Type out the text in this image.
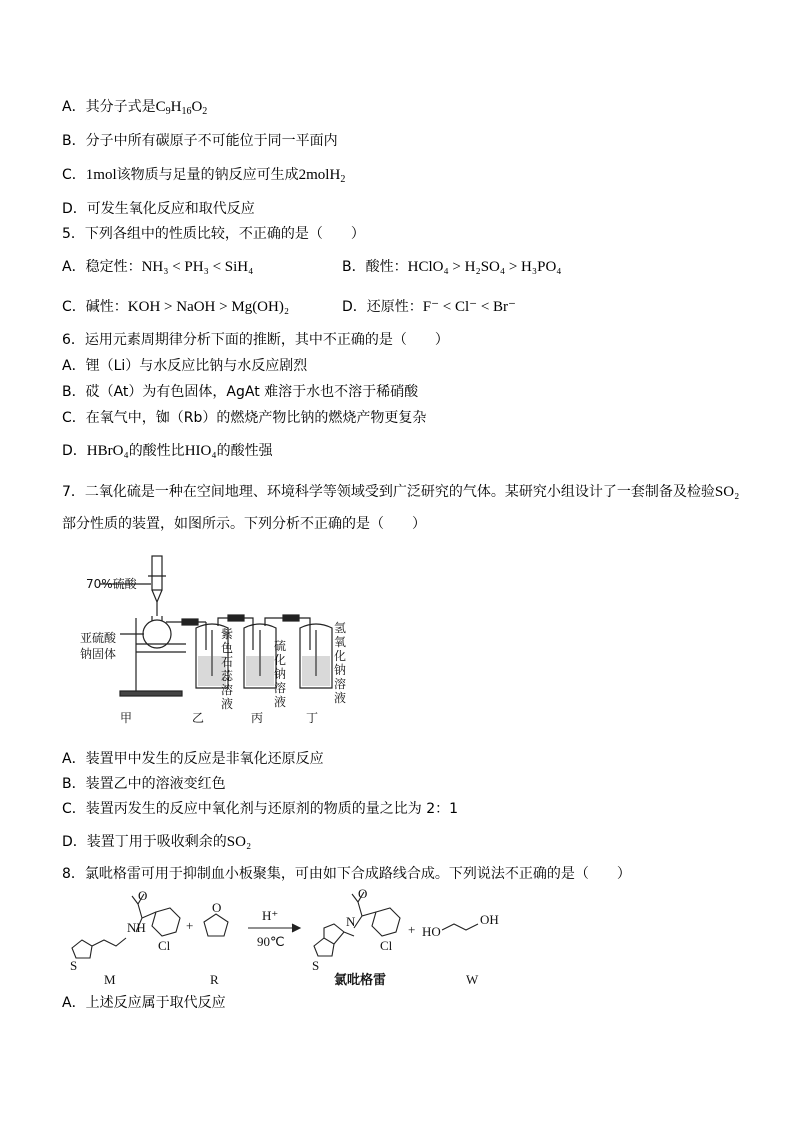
A．其分子式是$C_9H_{16}O_2$
B．分子中所有碳原子不可能位于同一平面内
C．1mol该物质与足量的钠反应可生成2molH$_2$
D．可发生氧化反应和取代反应
5．下列各组中的性质比较，不正确的是（　　）
A．稳定性：NH₃ < PH₃ < SiH₄	B．酸性：HClO₄ > H₂SO₄ > H₃PO₄
C．碱性：KOH > NaOH > Mg(OH)₂	D．还原性：F⁻ < Cl⁻ < Br⁻
6．运用元素周期律分析下面的推断，其中不正确的是（　　）
A．锂（Li）与水反应比钠与水反应剧烈
B．砹（At）为有色固体，AgAt 难溶于水也不溶于稀硝酸
C．在氧气中，铷（Rb）的燃烧产物比钠的燃烧产物更复杂
D．HBrO₄的酸性比HIO₄的酸性强
7．二氧化硫是一种在空间地理、环境科学等领域受到广泛研究的气体。某研究小组设计了一套制备及检验SO₂
部分性质的装置，如图所示。下列分析不正确的是（　　）
70%硫酸
亚硫酸
钠固体
紫
色
石
蕊
溶
液
硫
化
钠
溶
液
氢
氧
化
钠
溶
液
甲	乙	丙	丁
A．装置甲中发生的反应是非氧化还原反应
B．装置乙中的溶液变红色
C．装置丙发生的反应中氧化剂与还原剂的物质的量之比为 2：1
D．装置丁用于吸收剩余的SO₂
8．氯吡格雷可用于抑制血小板聚集，可由如下合成路线合成。下列说法不正确的是（　　）
NH
Cl
O
S
+
O
H⁺
90℃
N
S
Cl
O
+ HO
OH
M	R	氯吡格雷	W
A．上述反应属于取代反应
